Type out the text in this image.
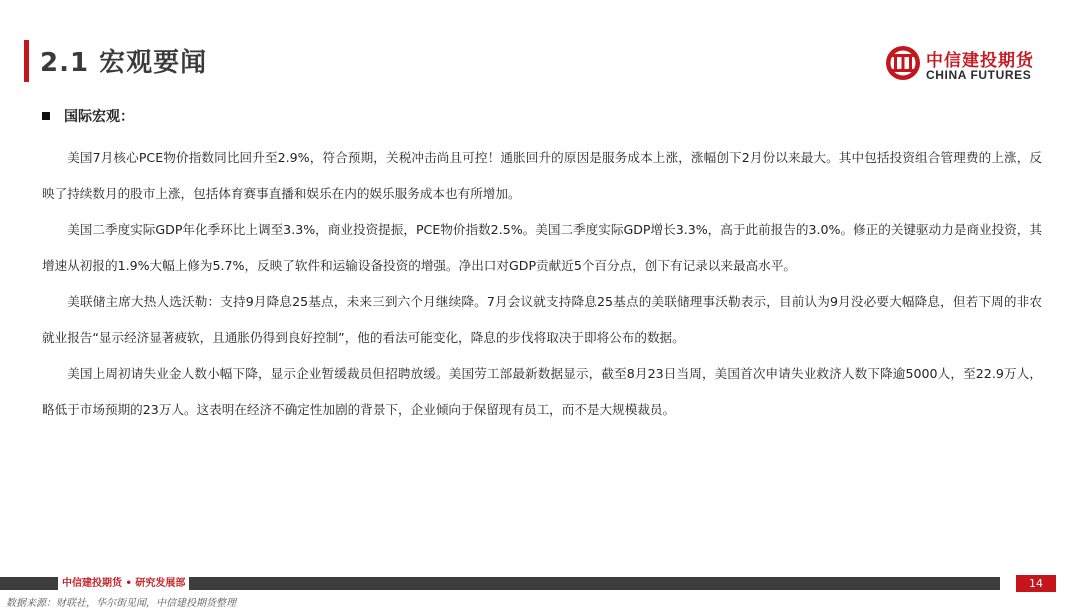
2.1 宏观要闻	中信建投期货
CHINA FUTURES
国际宏观：

美国7月核心PCE物价指数同比回升至2.9%，符合预期，关税冲击尚且可控！通胀回升的原因是服务成本上涨，涨幅创下2月份以来最大。其中包括投资组合管理费的上涨，反映了持续数月的股市上涨，包括体育赛事直播和娱乐在内的娱乐服务成本也有所增加。

美国二季度实际GDP年化季环比上调至3.3%，商业投资提振，PCE物价指数2.5%。美国二季度实际GDP增长3.3%，高于此前报告的3.0%。修正的关键驱动力是商业投资，其增速从初报的1.9%大幅上修为5.7%，反映了软件和运输设备投资的增强。净出口对GDP贡献近5个百分点，创下有记录以来最高水平。

美联储主席大热人选沃勒：支持9月降息25基点，未来三到六个月继续降。7月会议就支持降息25基点的美联储理事沃勒表示，目前认为9月没必要大幅降息，但若下周的非农就业报告“显示经济显著疲软，且通胀仍得到良好控制”，他的看法可能变化，降息的步伐将取决于即将公布的数据。

美国上周初请失业金人数小幅下降，显示企业暂缓裁员但招聘放缓。美国劳工部最新数据显示，截至8月23日当周，美国首次申请失业救济人数下降逾5000人，至22.9万人，略低于市场预期的23万人。这表明在经济不确定性加剧的背景下，企业倾向于保留现有员工，而不是大规模裁员。

中信建投期货 • 研究发展部	14
数据来源：财联社，华尔街见闻，中信建投期货整理
